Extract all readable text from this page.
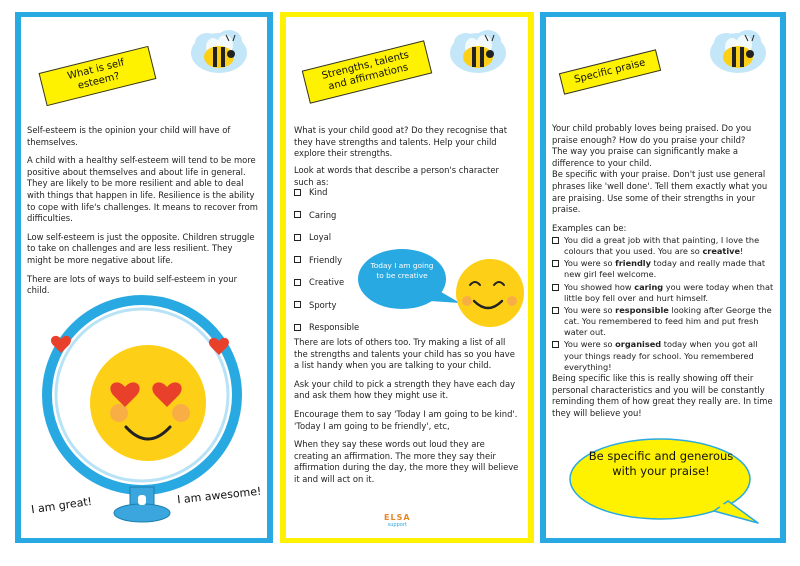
What is self esteem?

Self-esteem is the opinion your child will have of themselves.

A child with a healthy self-esteem will tend to be more positive about themselves and about life in general. They are likely to be more resilient and able to deal with things that happen in life. Resilience is the ability to cope with life's challenges. It means to recover from difficulties.

Low self-esteem is just the opposite. Children struggle to take on challenges and are less resilient. They might be more negative about life.

There are lots of ways to build self-esteem in your child.

I am great!	I am awesome!
Strengths, talents and affirmations
What is your child good at? Do they recognise that they have strengths and talents. Help your child explore their strengths.
Look at words that describe a person's character such as:
Kind
Caring
Loyal
Friendly
Creative
Sporty
Responsible
Today I am going to be creative

There are lots of others too. Try making a list of all the strengths and talents your child has so you have a list handy when you are talking to your child.

Ask your child to pick a strength they have each day and ask them how they might use it.

Encourage them to say 'Today I am going to be kind'. 'Today I am going to be friendly', etc,

When they say these words out loud they are creating an affirmation. The more they say their affirmation during the day, the more they will believe it and will act on it.

ELSA
support
Specific praise
Your child probably loves being praised. Do you praise enough? How do you praise your child?
The way you praise can significantly make a difference to your child.
Be specific with your praise. Don't just use general phrases like 'well done'. Tell them exactly what you are praising. Use some of their strengths in your praise.
Examples can be:
You did a great job with that painting, I love the colours that you used. You are so creative!
You were so friendly today and really made that new girl feel welcome.
You showed how caring you were today when that little boy fell over and hurt himself.
You were so responsible looking after George the cat. You remembered to feed him and put fresh water out.
You were so organised today when you got all your things ready for school. You remembered everything!
Being specific like this is really showing off their personal characteristics and you will be constantly reminding them of how great they really are. In time they will believe you!
Be specific and generous with your praise!
